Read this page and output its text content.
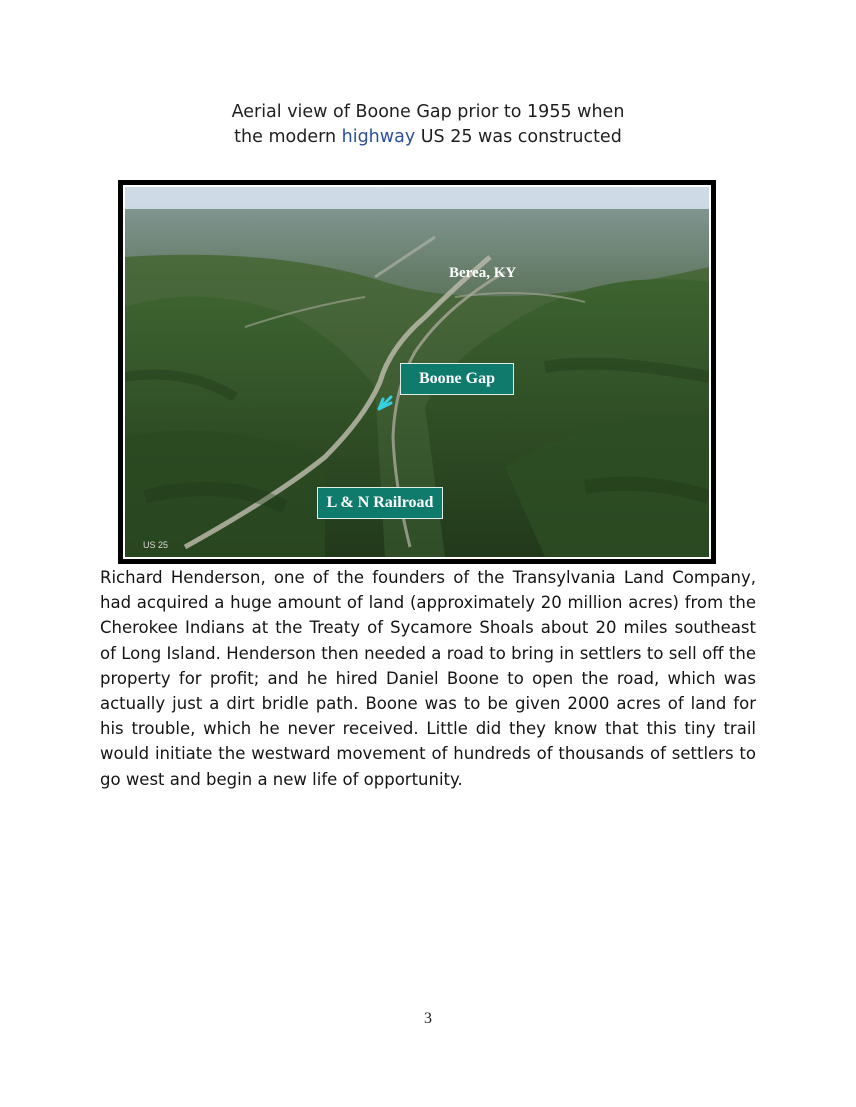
Aerial view of Boone Gap prior to 1955 when
the modern highway US 25 was constructed
Berea, KY
Boone Gap
L & N Railroad
US 25
Richard Henderson, one of the founders of the Transylvania Land Company, had acquired a huge amount of land (approximately 20 million acres) from the Cherokee Indians at the Treaty of Sycamore Shoals about 20 miles southeast of Long Island. Henderson then needed a road to bring in settlers to sell off the property for profit; and he hired Daniel Boone to open the road, which was actually just a dirt bridle path. Boone was to be given 2000 acres of land for his trouble, which he never received. Little did they know that this tiny trail would initiate the westward movement of hundreds of thousands of settlers to go west and begin a new life of opportunity.
3
